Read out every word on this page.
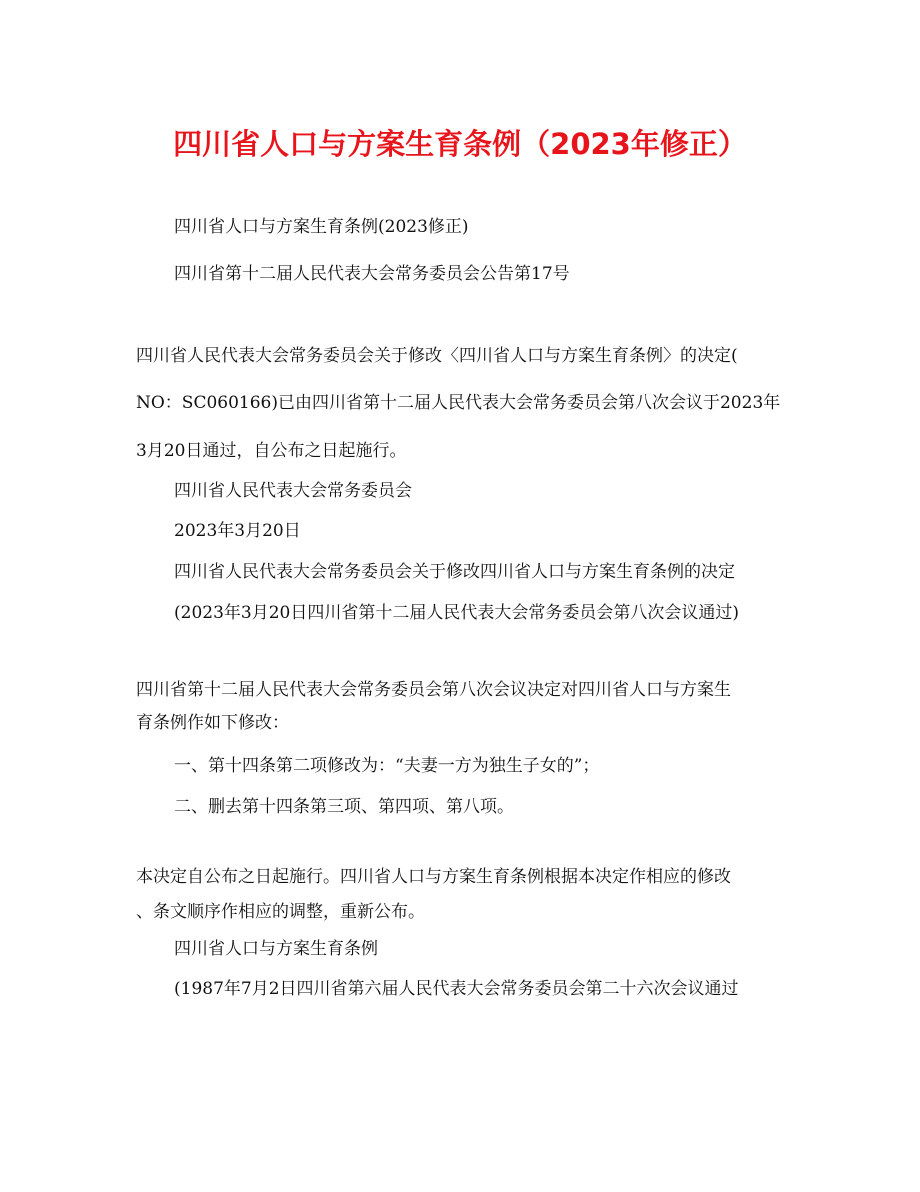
四川省人口与方案生育条例（2023年修正）
四川省人口与方案生育条例(2023修正)
四川省第十二届人民代表大会常务委员会公告第17号
四川省人民代表大会常务委员会关于修改〈四川省人口与方案生育条例〉的决定(
NO：SC060166)已由四川省第十二届人民代表大会常务委员会第八次会议于2023年
3月20日通过，自公布之日起施行。
四川省人民代表大会常务委员会
2023年3月20日
四川省人民代表大会常务委员会关于修改四川省人口与方案生育条例的决定
(2023年3月20日四川省第十二届人民代表大会常务委员会第八次会议通过)
四川省第十二届人民代表大会常务委员会第八次会议决定对四川省人口与方案生
育条例作如下修改：
一、第十四条第二项修改为：“夫妻一方为独生子女的”；
二、删去第十四条第三项、第四项、第八项。
本决定自公布之日起施行。四川省人口与方案生育条例根据本决定作相应的修改
、条文顺序作相应的调整，重新公布。
四川省人口与方案生育条例
(1987年7月2日四川省第六届人民代表大会常务委员会第二十六次会议通过
